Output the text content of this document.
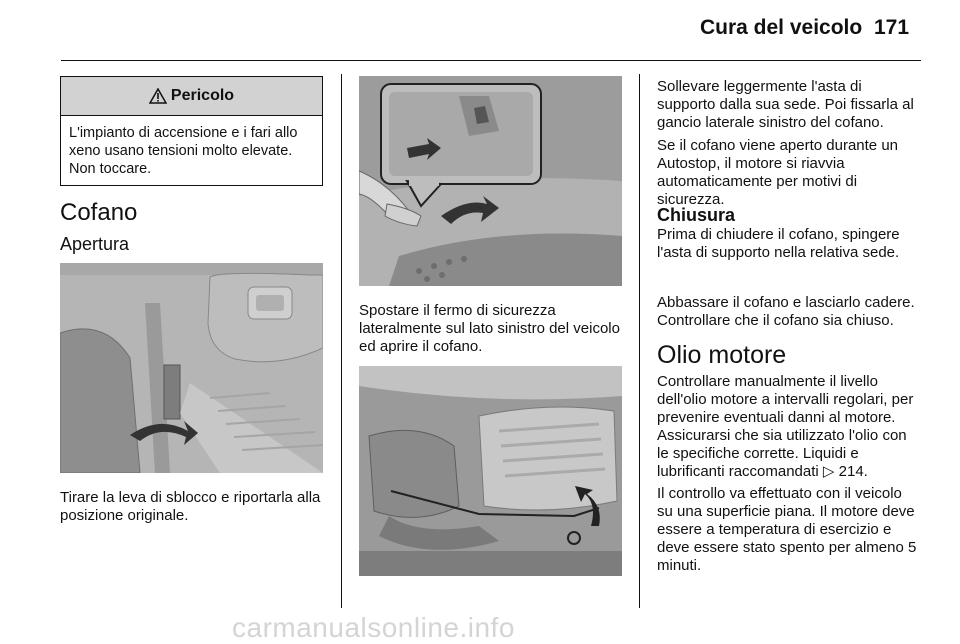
Cura del veicolo 171
Pericolo
L'impianto di accensione e i fari allo xeno usano tensioni molto elevate. Non toccare.
Cofano
Apertura
Tirare la leva di sblocco e riportarla alla posizione originale.
Spostare il fermo di sicurezza lateralmente sul lato sinistro del veicolo ed aprire il cofano.
Sollevare leggermente l'asta di supporto dalla sua sede. Poi fissarla al gancio laterale sinistro del cofano.
Se il cofano viene aperto durante un Autostop, il motore si riavvia automaticamente per motivi di sicurezza.
Chiusura
Prima di chiudere il cofano, spingere l'asta di supporto nella relativa sede.
Abbassare il cofano e lasciarlo cadere. Controllare che il cofano sia chiuso.
Olio motore
Controllare manualmente il livello dell'olio motore a intervalli regolari, per prevenire eventuali danni al motore. Assicurarsi che sia utilizzato l'olio con le specifiche corrette. Liquidi e lubrificanti raccomandati ▷ 214.
Il controllo va effettuato con il veicolo su una superficie piana. Il motore deve essere a temperatura di esercizio e deve essere stato spento per almeno 5 minuti.
carmanualsonline.info
